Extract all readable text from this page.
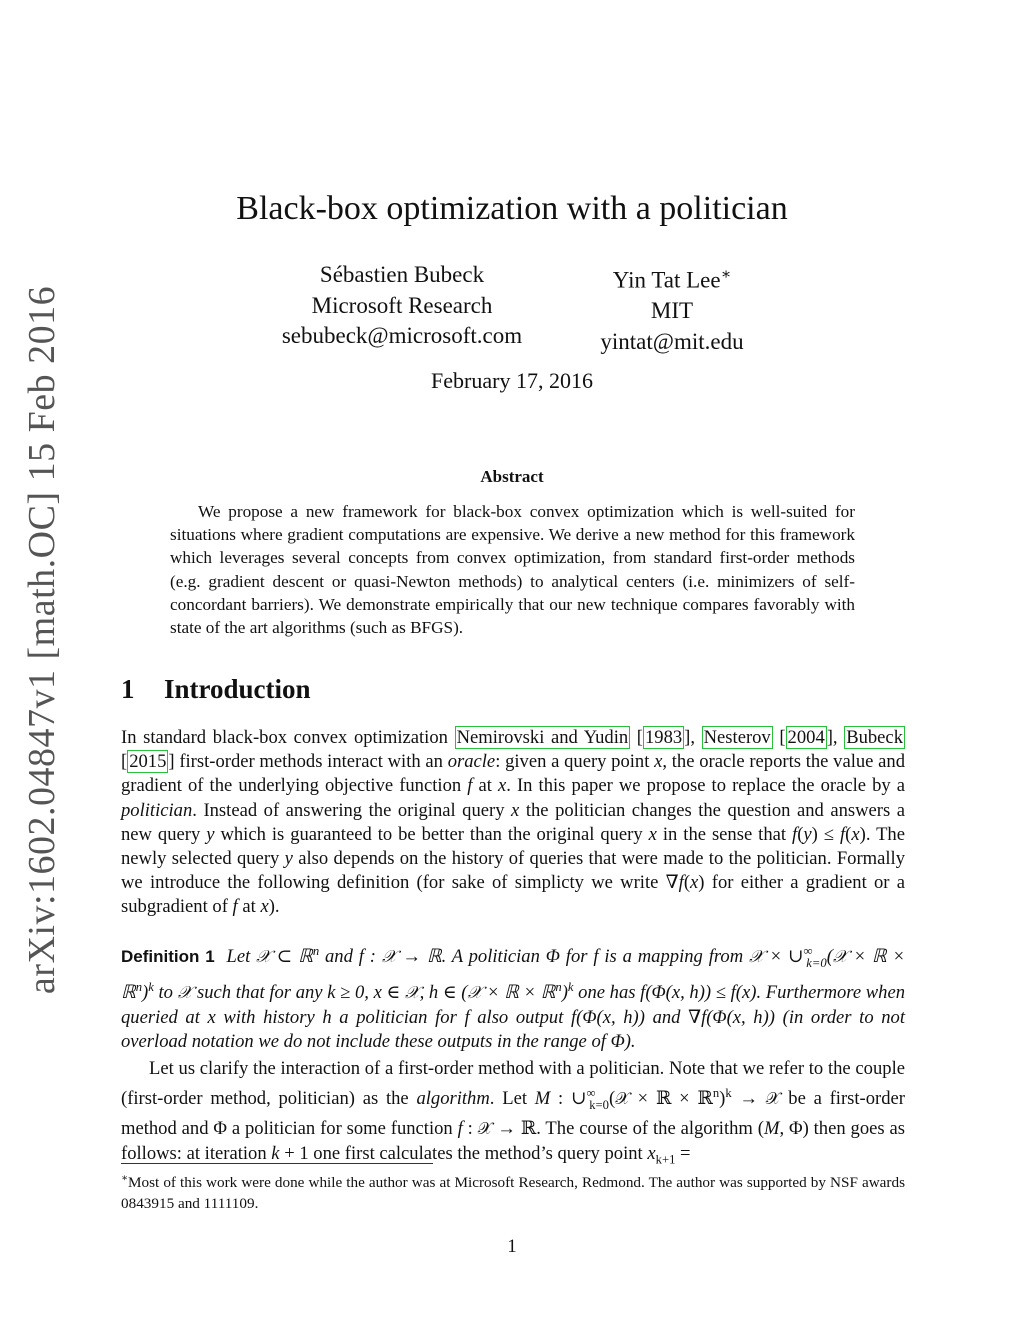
arXiv:1602.04847v1 [math.OC] 15 Feb 2016
Black-box optimization with a politician
Sébastien Bubeck
Microsoft Research
sebubeck@microsoft.com
Yin Tat Lee∗
MIT
yintat@mit.edu
February 17, 2016
Abstract
We propose a new framework for black-box convex optimization which is well-suited for situations where gradient computations are expensive. We derive a new method for this framework which leverages several concepts from convex optimization, from standard first-order methods (e.g. gradient descent or quasi-Newton methods) to analytical centers (i.e. minimizers of self-concordant barriers). We demonstrate empirically that our new technique compares favorably with state of the art algorithms (such as BFGS).
1 Introduction
In standard black-box convex optimization Nemirovski and Yudin [ 1983 ], Nesterov [ 2004 ], Bubeck [ 2015 ] first-order methods interact with an oracle: given a query point x, the oracle reports the value and gradient of the underlying objective function f at x. In this paper we propose to replace the oracle by a politician. Instead of answering the original query x the politician changes the question and answers a new query y which is guaranteed to be better than the original query x in the sense that f(y) ≤ f(x). The newly selected query y also depends on the history of queries that were made to the politician. Formally we introduce the following definition (for sake of simplicty we write ∇f(x) for either a gradient or a subgradient of f at x).
Definition 1 Let 𝒳 ⊂ ℝ$^n$ and f : 𝒳 → ℝ. A politician Φ for f is a mapping from 𝒳 × $\cup^\infty_{k=0}(𝒳$ × ℝ × ℝ$^n$)$^k$ to 𝒳 such that for any k ≥ 0, x ∈ 𝒳, h ∈ (𝒳 × ℝ × ℝ$^n$)$^k$ one has f(Φ(x, h)) ≤ f(x). Furthermore when queried at x with history h a politician for f also output f(Φ(x, h)) and ∇f(Φ(x, h)) (in order to not overload notation we do not include these outputs in the range of Φ).
Let us clarify the interaction of a first-order method with a politician. Note that we refer to the couple (first-order method, politician) as the algorithm. Let M : $\cup^\infty_{k=0}(𝒳$ × ℝ × ℝ$^n$)$^k$ → 𝒳 be a first-order method and Φ a politician for some function f : 𝒳 → ℝ. The course of the algorithm (M, Φ) then goes as follows: at iteration k + 1 one first calculates the method’s query point $x_{k+1}$ =
∗Most of this work were done while the author was at Microsoft Research, Redmond. The author was supported by NSF awards 0843915 and 1111109.
1
